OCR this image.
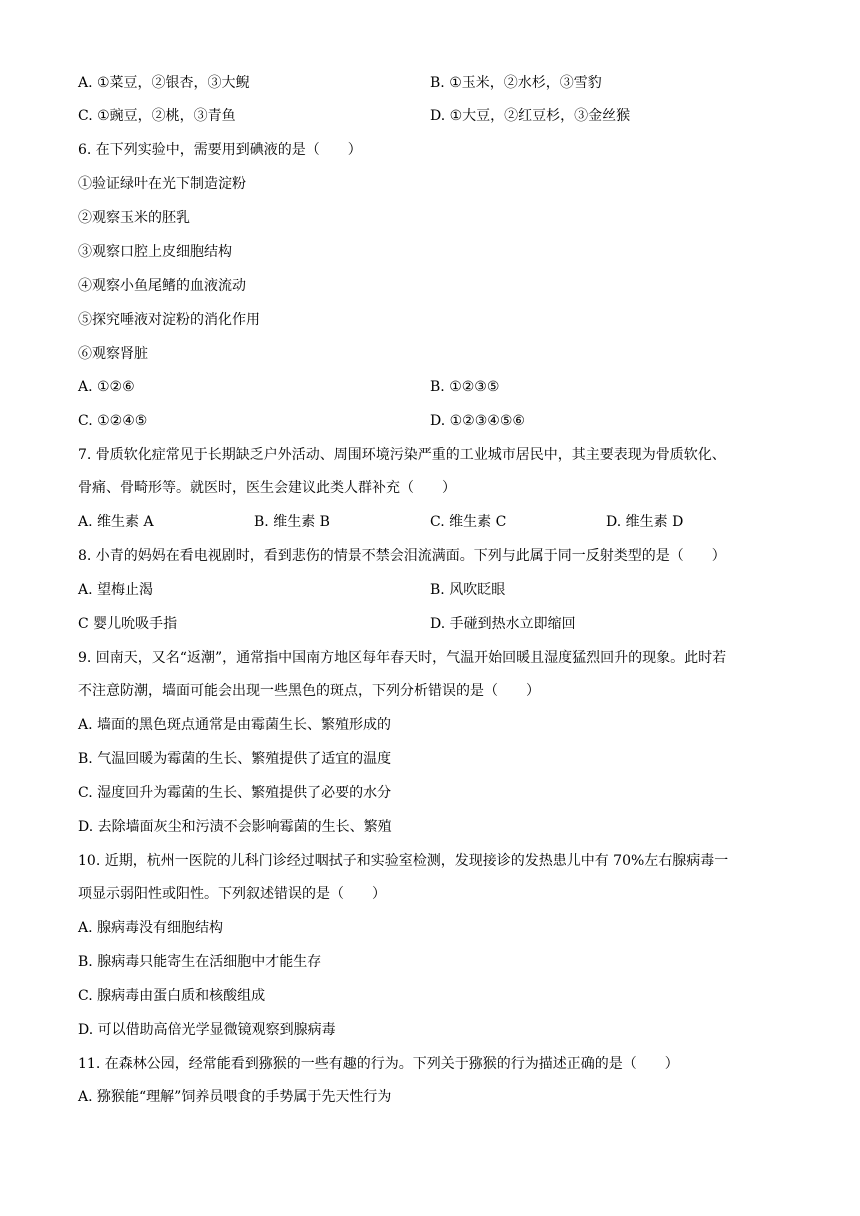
A. ①菜豆，②银杏，③大鲵	B. ①玉米，②水杉，③雪豹
C. ①豌豆，②桃，③青鱼	D. ①大豆，②红豆杉，③金丝猴
6. 在下列实验中，需要用到碘液的是（　　）
①验证绿叶在光下制造淀粉
②观察玉米的胚乳
③观察口腔上皮细胞结构
④观察小鱼尾鳍的血液流动
⑤探究唾液对淀粉的消化作用
⑥观察肾脏
A. ①②⑥	B. ①②③⑤
C. ①②④⑤	D. ①②③④⑤⑥
7. 骨质软化症常见于长期缺乏户外活动、周围环境污染严重的工业城市居民中，其主要表现为骨质软化、
骨痛、骨畸形等。就医时，医生会建议此类人群补充（　　）
A. 维生素 A	B. 维生素 B	C. 维生素 C	D. 维生素 D
8. 小青的妈妈在看电视剧时，看到悲伤的情景不禁会泪流满面。下列与此属于同一反射类型的是（　　）
A. 望梅止渴	B. 风吹眨眼
C 婴儿吮吸手指	D. 手碰到热水立即缩回
9. 回南天，又名“返潮”，通常指中国南方地区每年春天时，气温开始回暖且湿度猛烈回升的现象。此时若
不注意防潮，墙面可能会出现一些黑色的斑点，下列分析错误的是（　　）
A. 墙面的黑色斑点通常是由霉菌生长、繁殖形成的
B. 气温回暖为霉菌的生长、繁殖提供了适宜的温度
C. 湿度回升为霉菌的生长、繁殖提供了必要的水分
D. 去除墙面灰尘和污渍不会影响霉菌的生长、繁殖
10. 近期，杭州一医院的儿科门诊经过咽拭子和实验室检测，发现接诊的发热患儿中有 70%左右腺病毒一
项显示弱阳性或阳性。下列叙述错误的是（　　）
A. 腺病毒没有细胞结构
B. 腺病毒只能寄生在活细胞中才能生存
C. 腺病毒由蛋白质和核酸组成
D. 可以借助高倍光学显微镜观察到腺病毒
11. 在森林公园，经常能看到猕猴的一些有趣的行为。下列关于猕猴的行为描述正确的是（　　）
A. 猕猴能“理解”饲养员喂食的手势属于先天性行为
